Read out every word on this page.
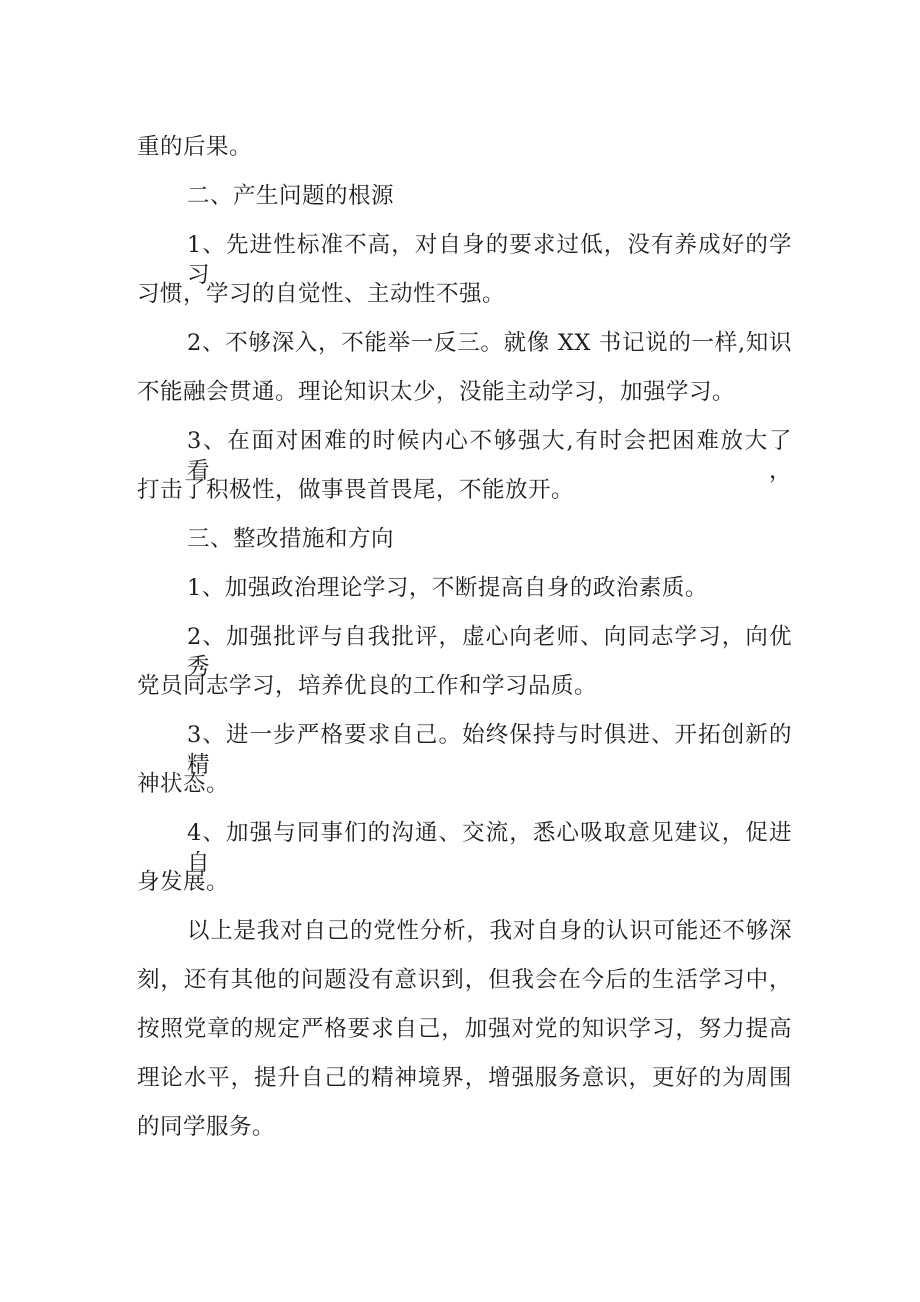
重的后果。
二、产生问题的根源
1、先进性标准不高，对自身的要求过低，没有养成好的学习
习惯，学习的自觉性、主动性不强。
2、不够深入，不能举一反三。就像 XX 书记说的一样,知识
不能融会贯通。理论知识太少，没能主动学习，加强学习。
3、在面对困难的时候内心不够强大,有时会把困难放大了看，
打击了积极性，做事畏首畏尾，不能放开。
三、整改措施和方向
1、加强政治理论学习，不断提高自身的政治素质。
2、加强批评与自我批评，虚心向老师、向同志学习，向优秀
党员同志学习，培养优良的工作和学习品质。
3、进一步严格要求自己。始终保持与时俱进、开拓创新的精
神状态。
4、加强与同事们的沟通、交流，悉心吸取意见建议，促进自
身发展。
以上是我对自己的党性分析，我对自身的认识可能还不够深
刻，还有其他的问题没有意识到，但我会在今后的生活学习中，
按照党章的规定严格要求自己，加强对党的知识学习，努力提高
理论水平，提升自己的精神境界，增强服务意识，更好的为周围
的同学服务。
